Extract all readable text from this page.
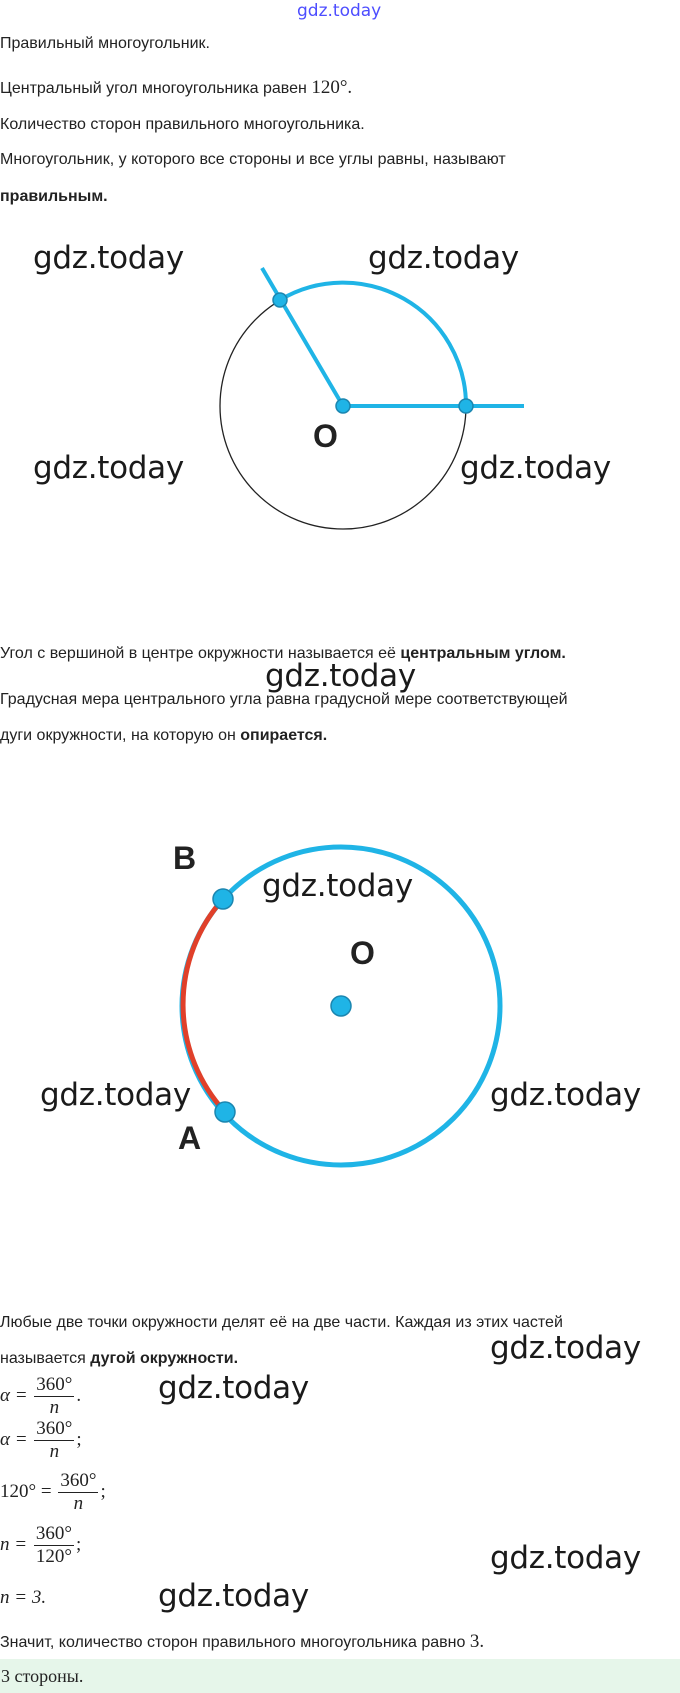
gdz.today
Правильный многоугольник.
Центральный угол многоугольника равен 120°.
Количество сторон правильного многоугольника.
Многоугольник, у которого все стороны и все углы равны, называют
правильным.
gdz.today	gdz.today
gdz.today	gdz.today
O
Угол с вершиной в центре окружности называется её центральным углом.
gdz.today
Градусная мера центрального угла равна градусной мере соответствующей
дуги окружности, на которую он опирается.
B
A
O
gdz.today
gdz.today	gdz.today
Любые две точки окружности делят её на две части. Каждая из этих частей
называется дугой окружности.	gdz.today
$\alpha = \frac{360^\circ}{n}$ . gdz.today
$\alpha = \frac{360^\circ}{n}$ ;
$120^\circ = \frac{360^\circ}{n}$ ;
$n = \frac{360^\circ}{120^\circ}$ ;	gdz.today
n = 3.	gdz.today
Значит, количество сторон правильного многоугольника равно 3.
3 стороны.
